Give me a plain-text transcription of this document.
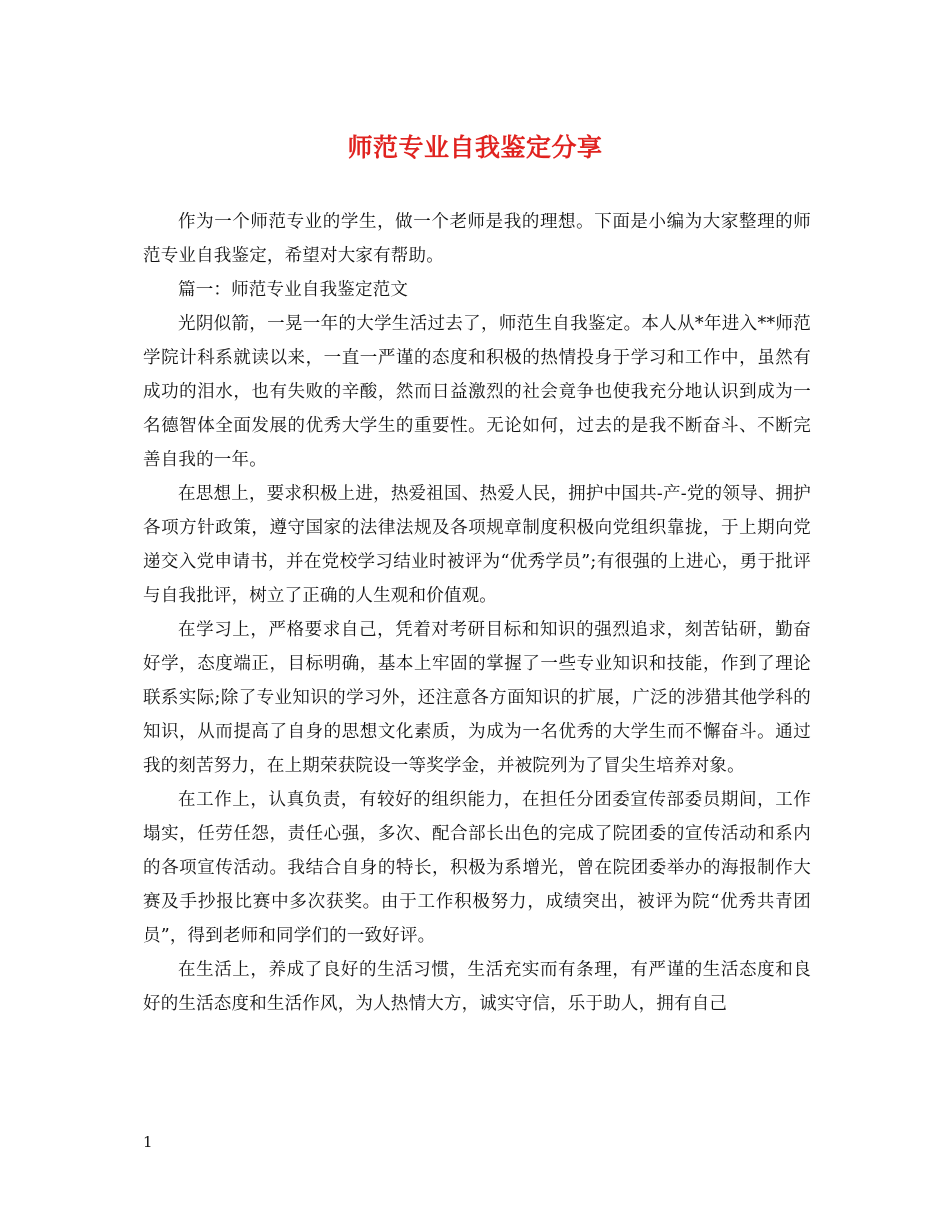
师范专业自我鉴定分享

作为一个师范专业的学生，做一个老师是我的理想。下面是小编为大家整理的师范专业自我鉴定，希望对大家有帮助。

篇一：师范专业自我鉴定范文

光阴似箭，一晃一年的大学生活过去了，师范生自我鉴定。本人从*年进入**师范学院计科系就读以来，一直一严谨的态度和积极的热情投身于学习和工作中，虽然有成功的泪水，也有失败的辛酸，然而日益激烈的社会竟争也使我充分地认识到成为一名德智体全面发展的优秀大学生的重要性。无论如何，过去的是我不断奋斗、不断完善自我的一年。

在思想上，要求积极上进，热爱祖国、热爱人民，拥护中国共-产-党的领导、拥护各项方针政策，遵守国家的法律法规及各项规章制度积极向党组织靠拢，于上期向党递交入党申请书，并在党校学习结业时被评为“优秀学员”;有很强的上进心，勇于批评与自我批评，树立了正确的人生观和价值观。

在学习上，严格要求自己，凭着对考研目标和知识的强烈追求，刻苦钻研，勤奋好学，态度端正，目标明确，基本上牢固的掌握了一些专业知识和技能，作到了理论联系实际;除了专业知识的学习外，还注意各方面知识的扩展，广泛的涉猎其他学科的知识，从而提高了自身的思想文化素质，为成为一名优秀的大学生而不懈奋斗。通过我的刻苦努力，在上期荣获院设一等奖学金，并被院列为了冒尖生培养对象。

在工作上，认真负责，有较好的组织能力，在担任分团委宣传部委员期间，工作塌实，任劳任怨，责任心强，多次、配合部长出色的完成了院团委的宣传活动和系内的各项宣传活动。我结合自身的特长，积极为系增光，曾在院团委举办的海报制作大赛及手抄报比赛中多次获奖。由于工作积极努力，成绩突出，被评为院“优秀共青团员”，得到老师和同学们的一致好评。

在生活上，养成了良好的生活习惯，生活充实而有条理，有严谨的生活态度和良好的生活态度和生活作风，为人热情大方，诚实守信，乐于助人，拥有自己

1
